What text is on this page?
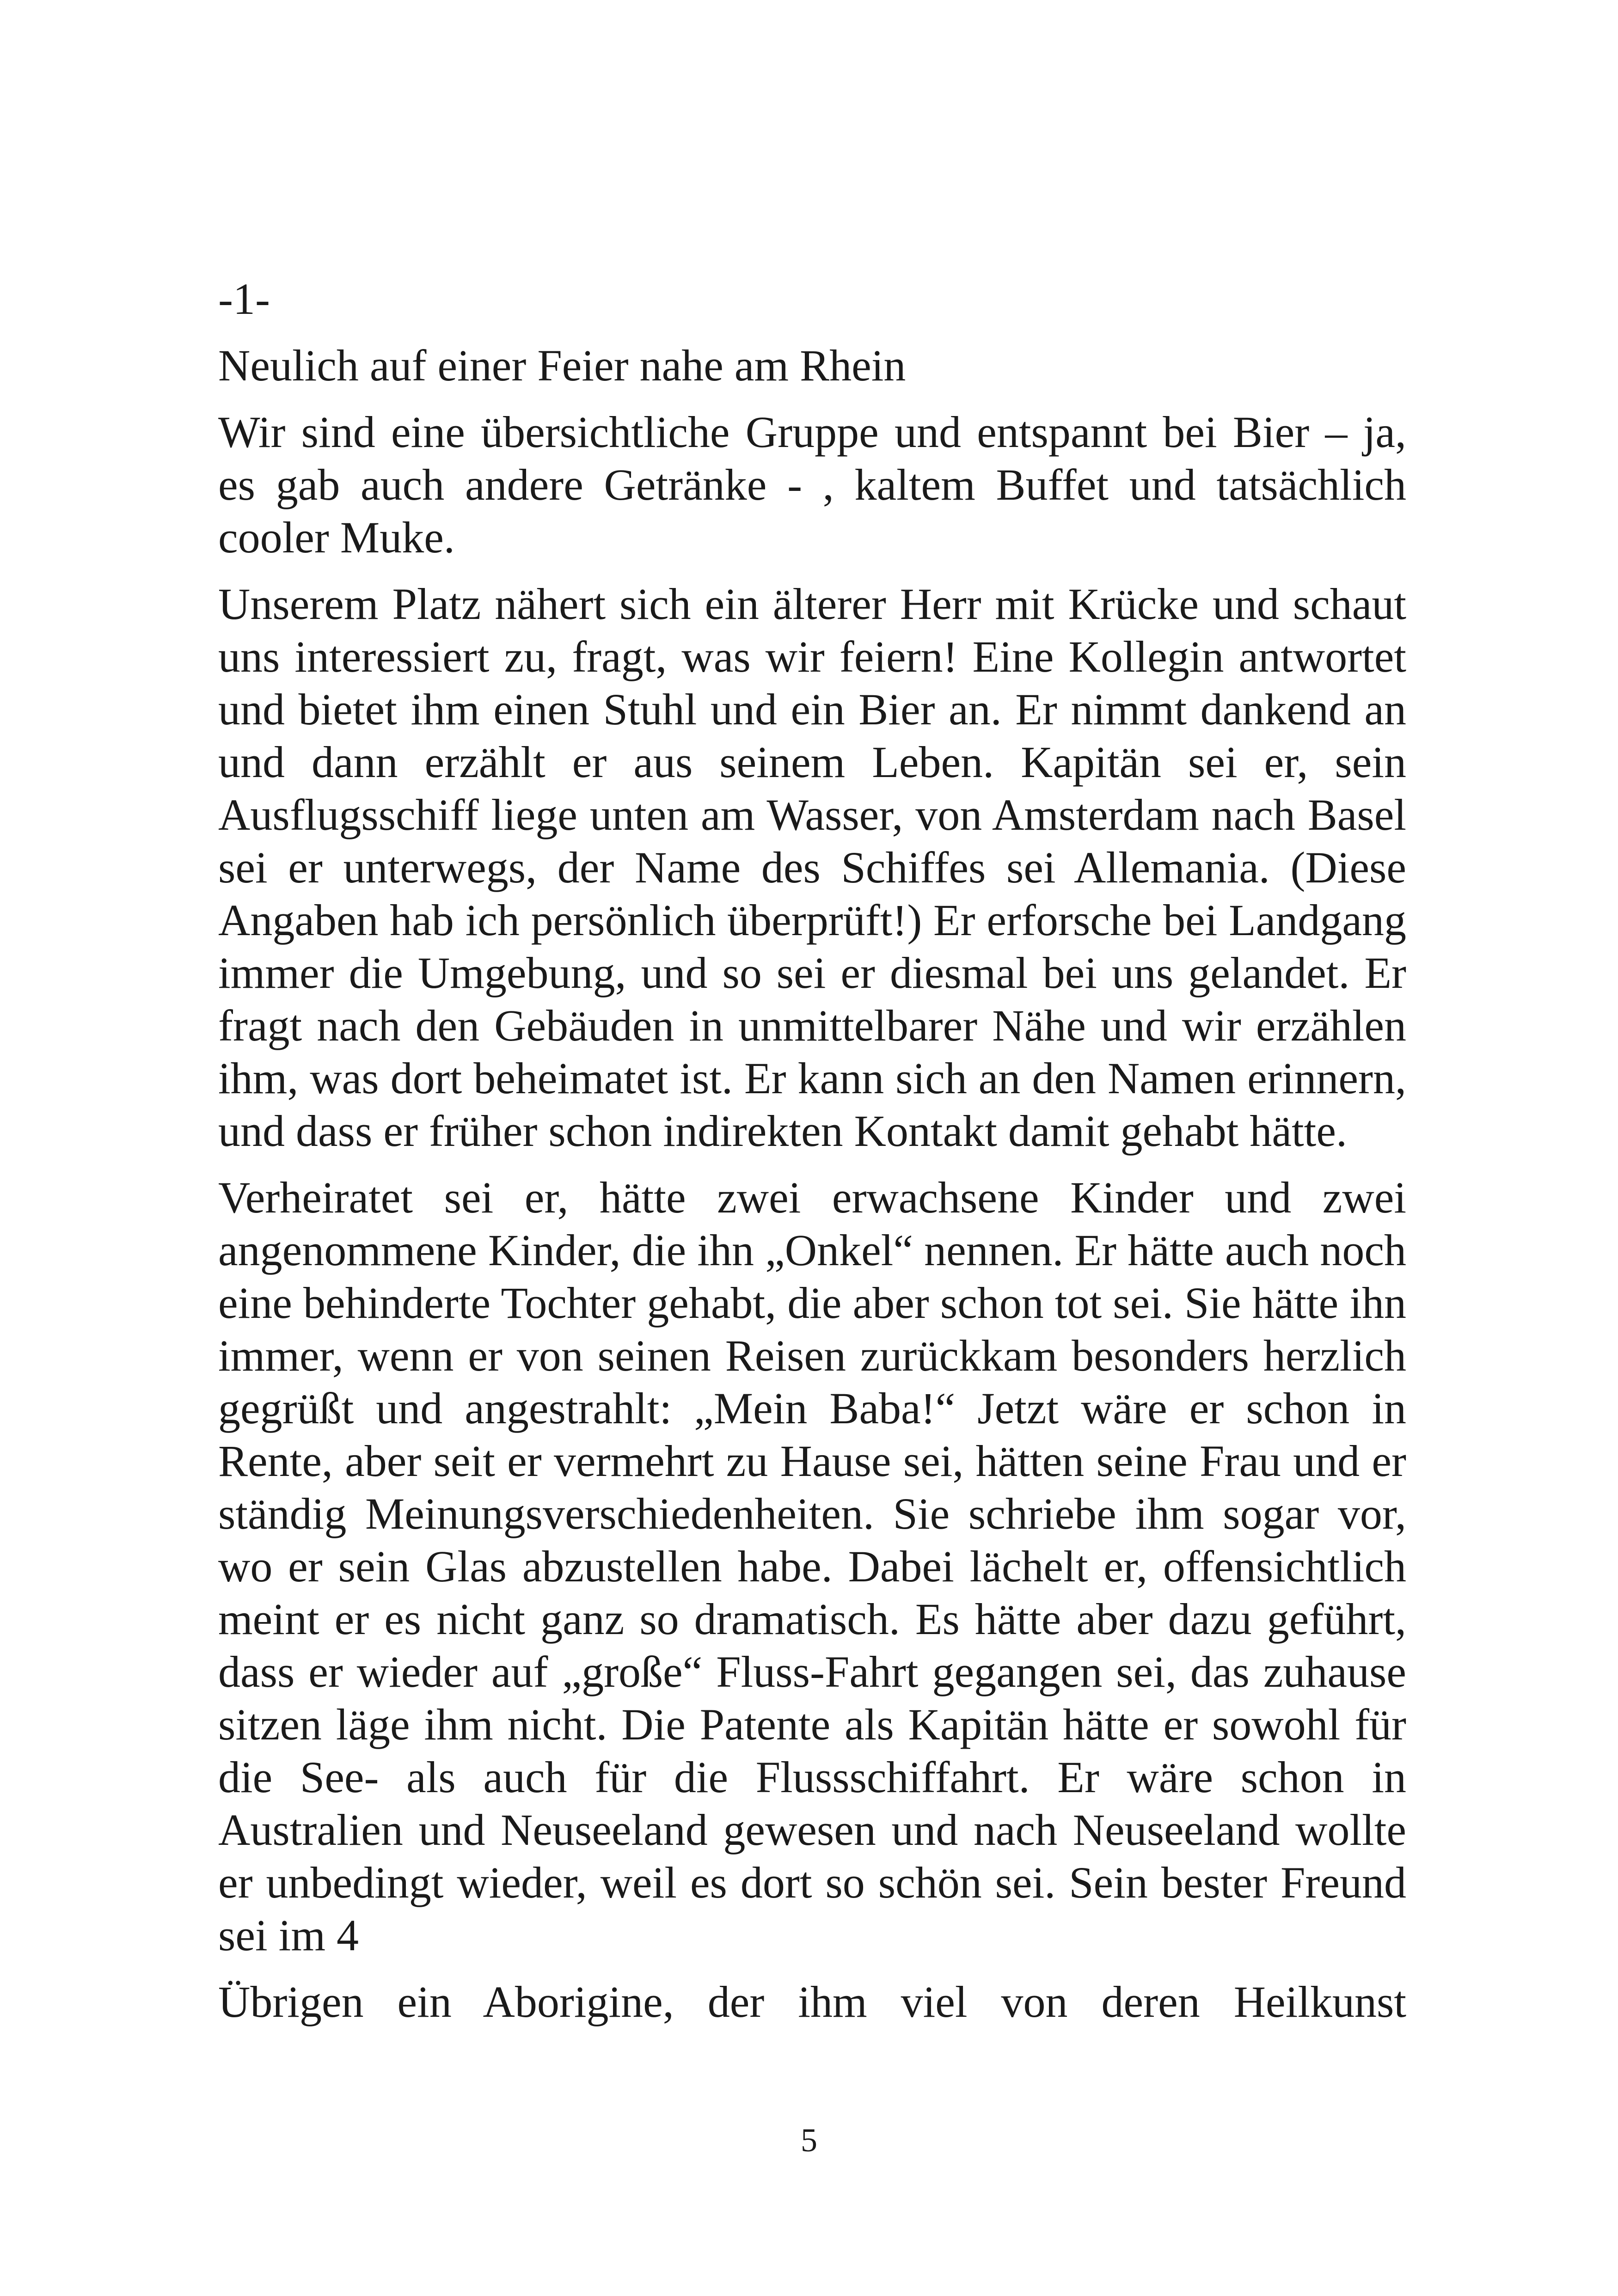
-1-
Neulich auf einer Feier nahe am Rhein

Wir sind eine übersichtliche Gruppe und entspannt bei Bier – ja, es gab auch andere Getränke - , kaltem Buffet und tatsächlich cooler Muke.

Unserem Platz nähert sich ein älterer Herr mit Krücke und schaut uns interessiert zu, fragt, was wir feiern! Eine Kollegin antwortet und bietet ihm einen Stuhl und ein Bier an. Er nimmt dankend an und dann erzählt er aus seinem Leben. Kapitän sei er, sein Ausflugsschiff liege unten am Wasser, von Amsterdam nach Basel sei er unterwegs, der Name des Schiffes sei Allemania. (Diese Angaben hab ich persönlich überprüft!) Er erforsche bei Landgang immer die Umgebung, und so sei er diesmal bei uns gelandet. Er fragt nach den Gebäuden in unmittelbarer Nähe und wir erzählen ihm, was dort beheimatet ist. Er kann sich an den Namen erinnern, und dass er früher schon indirekten Kontakt damit gehabt hätte.

Verheiratet sei er, hätte zwei erwachsene Kinder und zwei angenommene Kinder, die ihn „Onkel“ nennen. Er hätte auch noch eine behinderte Tochter gehabt, die aber schon tot sei. Sie hätte ihn immer, wenn er von seinen Reisen zurückkam besonders herzlich gegrüßt und angestrahlt: „Mein Baba!“ Jetzt wäre er schon in Rente, aber seit er vermehrt zu Hause sei, hätten seine Frau und er ständig Meinungsverschiedenheiten. Sie schriebe ihm sogar vor, wo er sein Glas abzustellen habe. Dabei lächelt er, offensichtlich meint er es nicht ganz so dramatisch. Es hätte aber dazu geführt, dass er wieder auf „große“ Fluss-Fahrt gegangen sei, das zuhause sitzen läge ihm nicht. Die Patente als Kapitän hätte er sowohl für die See- als auch für die Flussschiffahrt. Er wäre schon in Australien und Neuseeland gewesen und nach Neuseeland wollte er unbedingt wieder, weil es dort so schön sei. Sein bester Freund sei im 4

Übrigen ein Aborigine, der ihm viel von deren Heilkunst

5
